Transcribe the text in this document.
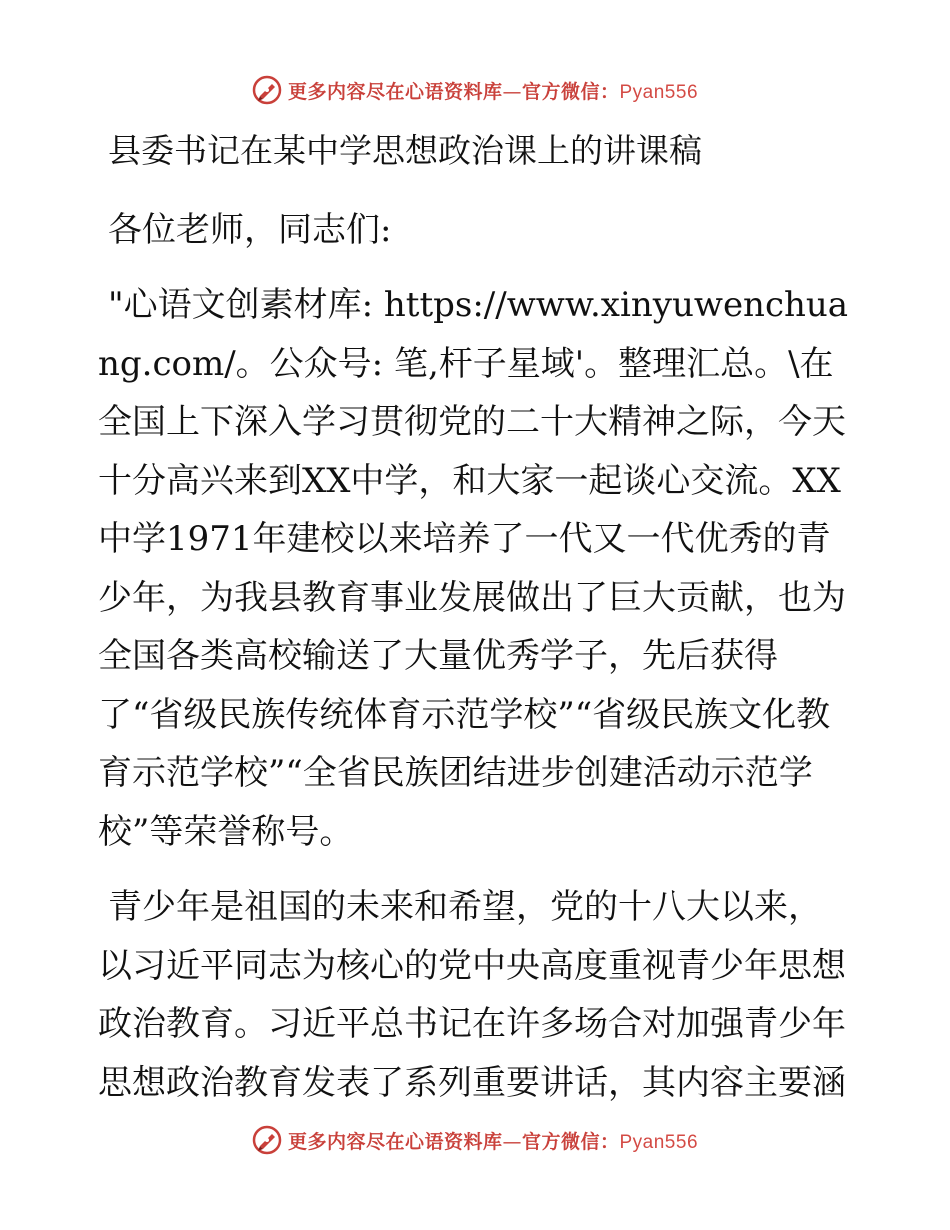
更多内容尽在心语资料库—官方微信：Pyan556

县委书记在某中学思想政治课上的讲课稿

各位老师，同志们:

"心语文创素材库: https://www.xinyuwenchuang.com/。公众号: 笔,杆子星域'。整理汇总。\在全国上下深入学习贯彻党的二十大精神之际，今天十分高兴来到XX中学，和大家一起谈心交流。XX中学1971年建校以来培养了一代又一代优秀的青少年，为我县教育事业发展做出了巨大贡献，也为全国各类高校输送了大量优秀学子，先后获得了“省级民族传统体育示范学校”“省级民族文化教育示范学校”“全省民族团结进步创建活动示范学校”等荣誉称号。

青少年是祖国的未来和希望，党的十八大以来，以习近平同志为核心的党中央高度重视青少年思想政治教育。习近平总书记在许多场合对加强青少年思想政治教育发表了系列重要讲话，其内容主要涵

更多内容尽在心语资料库—官方微信：Pyan556
